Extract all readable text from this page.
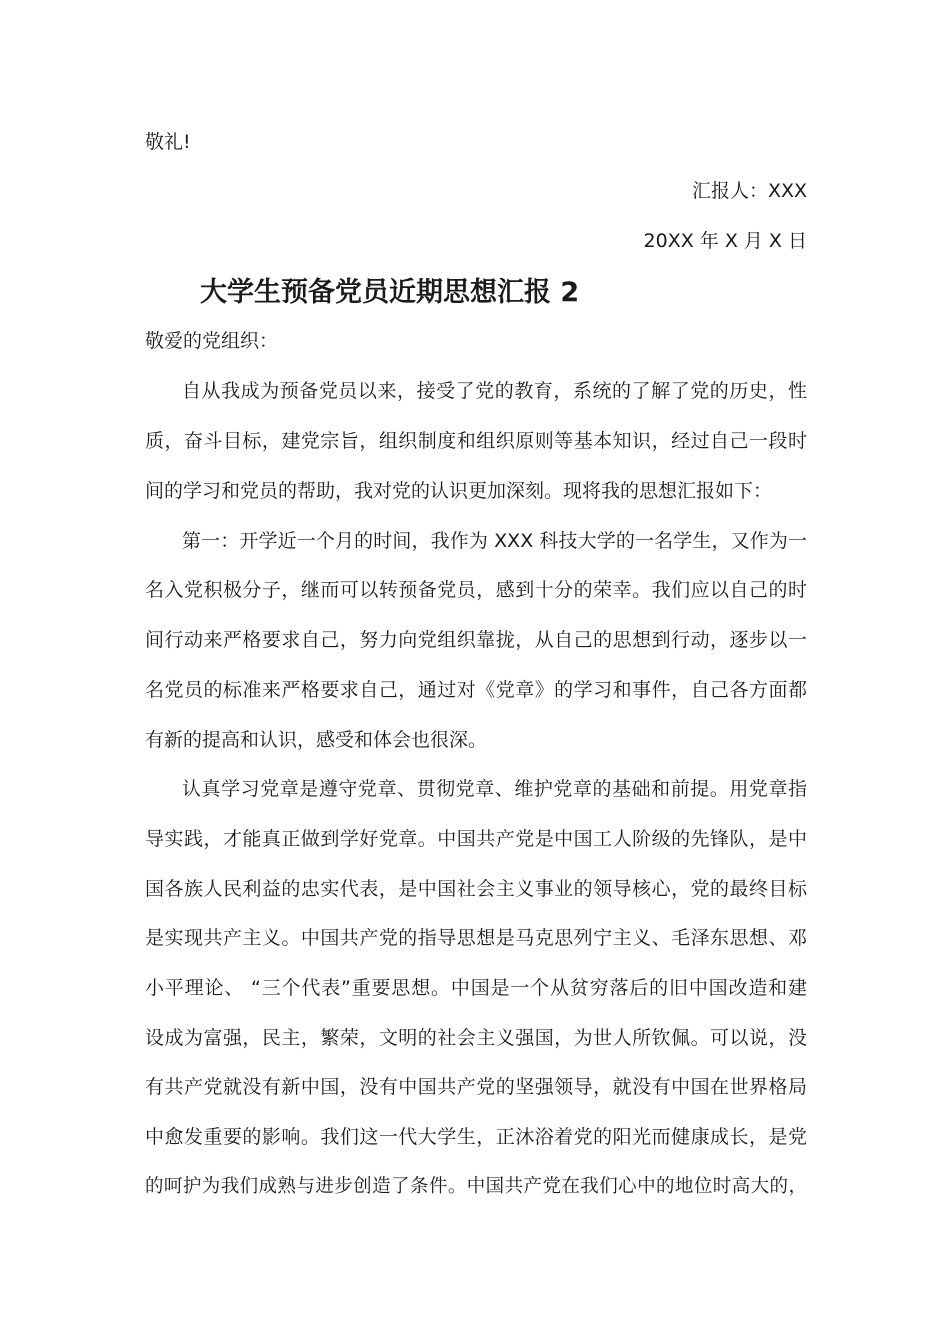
敬礼!
汇报人：XXX
20XX 年 X 月 X 日
大学生预备党员近期思想汇报 2
敬爱的党组织：
自从我成为预备党员以来，接受了党的教育，系统的了解了党的历史，性
质，奋斗目标，建党宗旨，组织制度和组织原则等基本知识，经过自己一段时
间的学习和党员的帮助，我对党的认识更加深刻。现将我的思想汇报如下：
第一：开学近一个月的时间，我作为 XXX 科技大学的一名学生，又作为一
名入党积极分子，继而可以转预备党员，感到十分的荣幸。我们应以自己的时
间行动来严格要求自己，努力向党组织靠拢，从自己的思想到行动，逐步以一
名党员的标准来严格要求自己，通过对《党章》的学习和事件，自己各方面都
有新的提高和认识，感受和体会也很深。
认真学习党章是遵守党章、贯彻党章、维护党章的基础和前提。用党章指
导实践，才能真正做到学好党章。中国共产党是中国工人阶级的先锋队，是中
国各族人民利益的忠实代表，是中国社会主义事业的领导核心，党的最终目标
是实现共产主义。中国共产党的指导思想是马克思列宁主义、毛泽东思想、邓
小平理论、 “三个代表”重要思想。中国是一个从贫穷落后的旧中国改造和建
设成为富强，民主，繁荣，文明的社会主义强国，为世人所钦佩。可以说，没
有共产党就没有新中国，没有中国共产党的坚强领导，就没有中国在世界格局
中愈发重要的影响。我们这一代大学生，正沐浴着党的阳光而健康成长，是党
的呵护为我们成熟与进步创造了条件。中国共产党在我们心中的地位时高大的，
